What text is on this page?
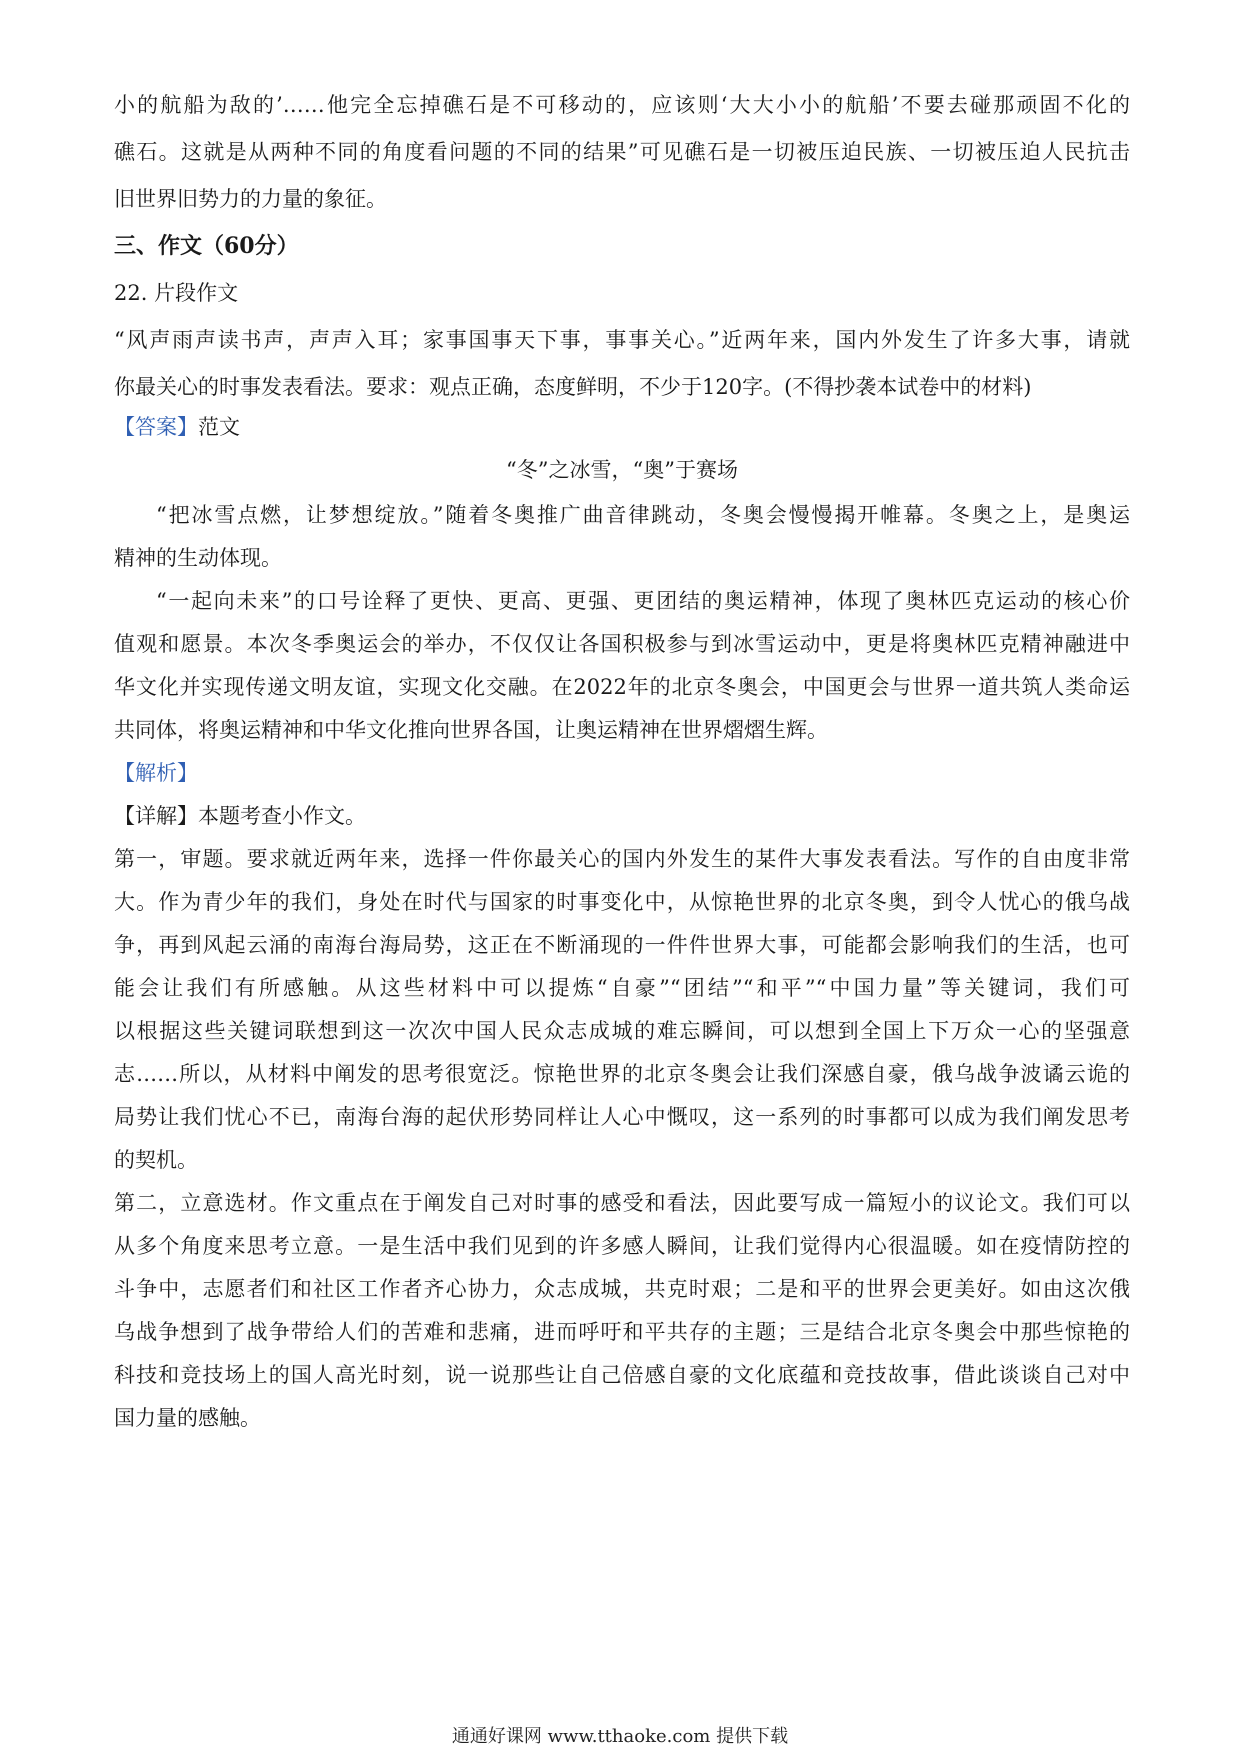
小的航船为敌的’……他完全忘掉礁石是不可移动的，应该则‘大大小小的航船’不要去碰那顽固不化的
礁石。这就是从两种不同的角度看问题的不同的结果”可见礁石是一切被压迫民族、一切被压迫人民抗击
旧世界旧势力的力量的象征。
三、作文（60分）
22. 片段作文
“风声雨声读书声，声声入耳；家事国事天下事，事事关心。”近两年来，国内外发生了许多大事，请就
你最关心的时事发表看法。要求：观点正确，态度鲜明，不少于120字。(不得抄袭本试卷中的材料)
【答案】范文
“冬”之冰雪，“奥”于赛场
“把冰雪点燃，让梦想绽放。”随着冬奥推广曲音律跳动，冬奥会慢慢揭开帷幕。冬奥之上，是奥运
精神的生动体现。
“一起向未来”的口号诠释了更快、更高、更强、更团结的奥运精神，体现了奥林匹克运动的核心价
值观和愿景。本次冬季奥运会的举办，不仅仅让各国积极参与到冰雪运动中，更是将奥林匹克精神融进中
华文化并实现传递文明友谊，实现文化交融。在2022年的北京冬奥会，中国更会与世界一道共筑人类命运
共同体，将奥运精神和中华文化推向世界各国，让奥运精神在世界熠熠生辉。
【解析】
【详解】本题考查小作文。
第一，审题。要求就近两年来，选择一件你最关心的国内外发生的某件大事发表看法。写作的自由度非常
大。作为青少年的我们，身处在时代与国家的时事变化中，从惊艳世界的北京冬奥，到令人忧心的俄乌战
争，再到风起云涌的南海台海局势，这正在不断涌现的一件件世界大事，可能都会影响我们的生活，也可
能会让我们有所感触。从这些材料中可以提炼“自豪”“团结”“和平”“中国力量”等关键词，我们可
以根据这些关键词联想到这一次次中国人民众志成城的难忘瞬间，可以想到全国上下万众一心的坚强意
志……所以，从材料中阐发的思考很宽泛。惊艳世界的北京冬奥会让我们深感自豪，俄乌战争波谲云诡的
局势让我们忧心不已，南海台海的起伏形势同样让人心中慨叹，这一系列的时事都可以成为我们阐发思考
的契机。
第二，立意选材。作文重点在于阐发自己对时事的感受和看法，因此要写成一篇短小的议论文。我们可以
从多个角度来思考立意。一是生活中我们见到的许多感人瞬间，让我们觉得内心很温暖。如在疫情防控的
斗争中，志愿者们和社区工作者齐心协力，众志成城，共克时艰；二是和平的世界会更美好。如由这次俄
乌战争想到了战争带给人们的苦难和悲痛，进而呼吁和平共存的主题；三是结合北京冬奥会中那些惊艳的
科技和竞技场上的国人高光时刻，说一说那些让自己倍感自豪的文化底蕴和竞技故事，借此谈谈自己对中
国力量的感触。
通通好课网 www.tthaoke.com 提供下载
